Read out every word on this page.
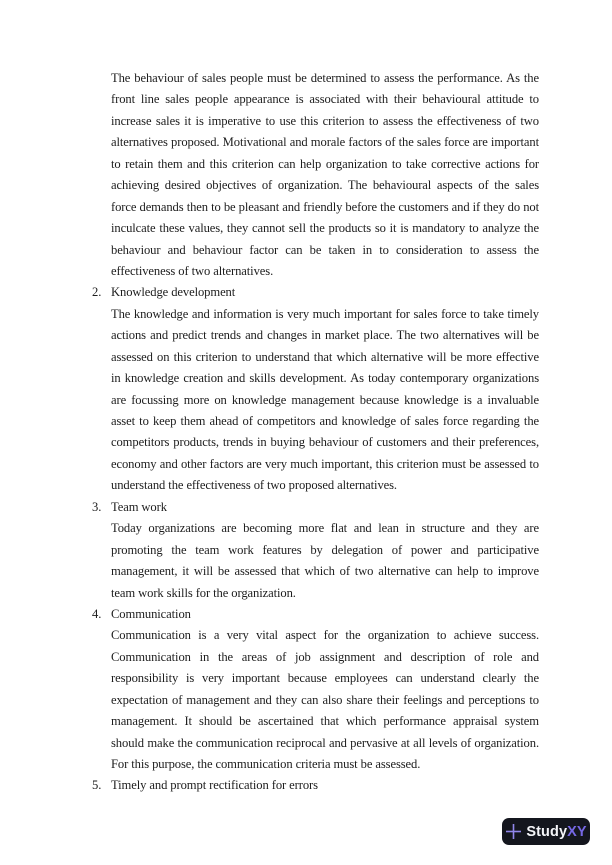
The behaviour of sales people must be determined to assess the performance. As the
front line sales people appearance is associated with their behavioural attitude to
increase sales it is imperative to use this criterion to assess the effectiveness of two
alternatives proposed. Motivational and morale factors of the sales force are important
to retain them and this criterion can help organization to take corrective actions for
achieving desired objectives of organization. The behavioural aspects of the sales
force demands then to be pleasant and friendly before the customers and if they do not
inculcate these values, they cannot sell the products so it is mandatory to analyze the
behaviour and behaviour factor can be taken in to consideration to assess the
effectiveness of two alternatives.
2. Knowledge development
The knowledge and information is very much important for sales force to take timely
actions and predict trends and changes in market place. The two alternatives will be
assessed on this criterion to understand that which alternative will be more effective
in knowledge creation and skills development. As today contemporary organizations
are focussing more on knowledge management because knowledge is a invaluable
asset to keep them ahead of competitors and knowledge of sales force regarding the
competitors products, trends in buying behaviour of customers and their preferences,
economy and other factors are very much important, this criterion must be assessed to
understand the effectiveness of two proposed alternatives.
3. Team work
Today organizations are becoming more flat and lean in structure and they are
promoting the team work features by delegation of power and participative
management, it will be assessed that which of two alternative can help to improve
team work skills for the organization.
4. Communication
Communication is a very vital aspect for the organization to achieve success.
Communication in the areas of job assignment and description of role and
responsibility is very important because employees can understand clearly the
expectation of management and they can also share their feelings and perceptions to
management. It should be ascertained that which performance appraisal system
should make the communication reciprocal and pervasive at all levels of organization.
For this purpose, the communication criteria must be assessed.
5. Timely and prompt rectification for errors
StudyXY
